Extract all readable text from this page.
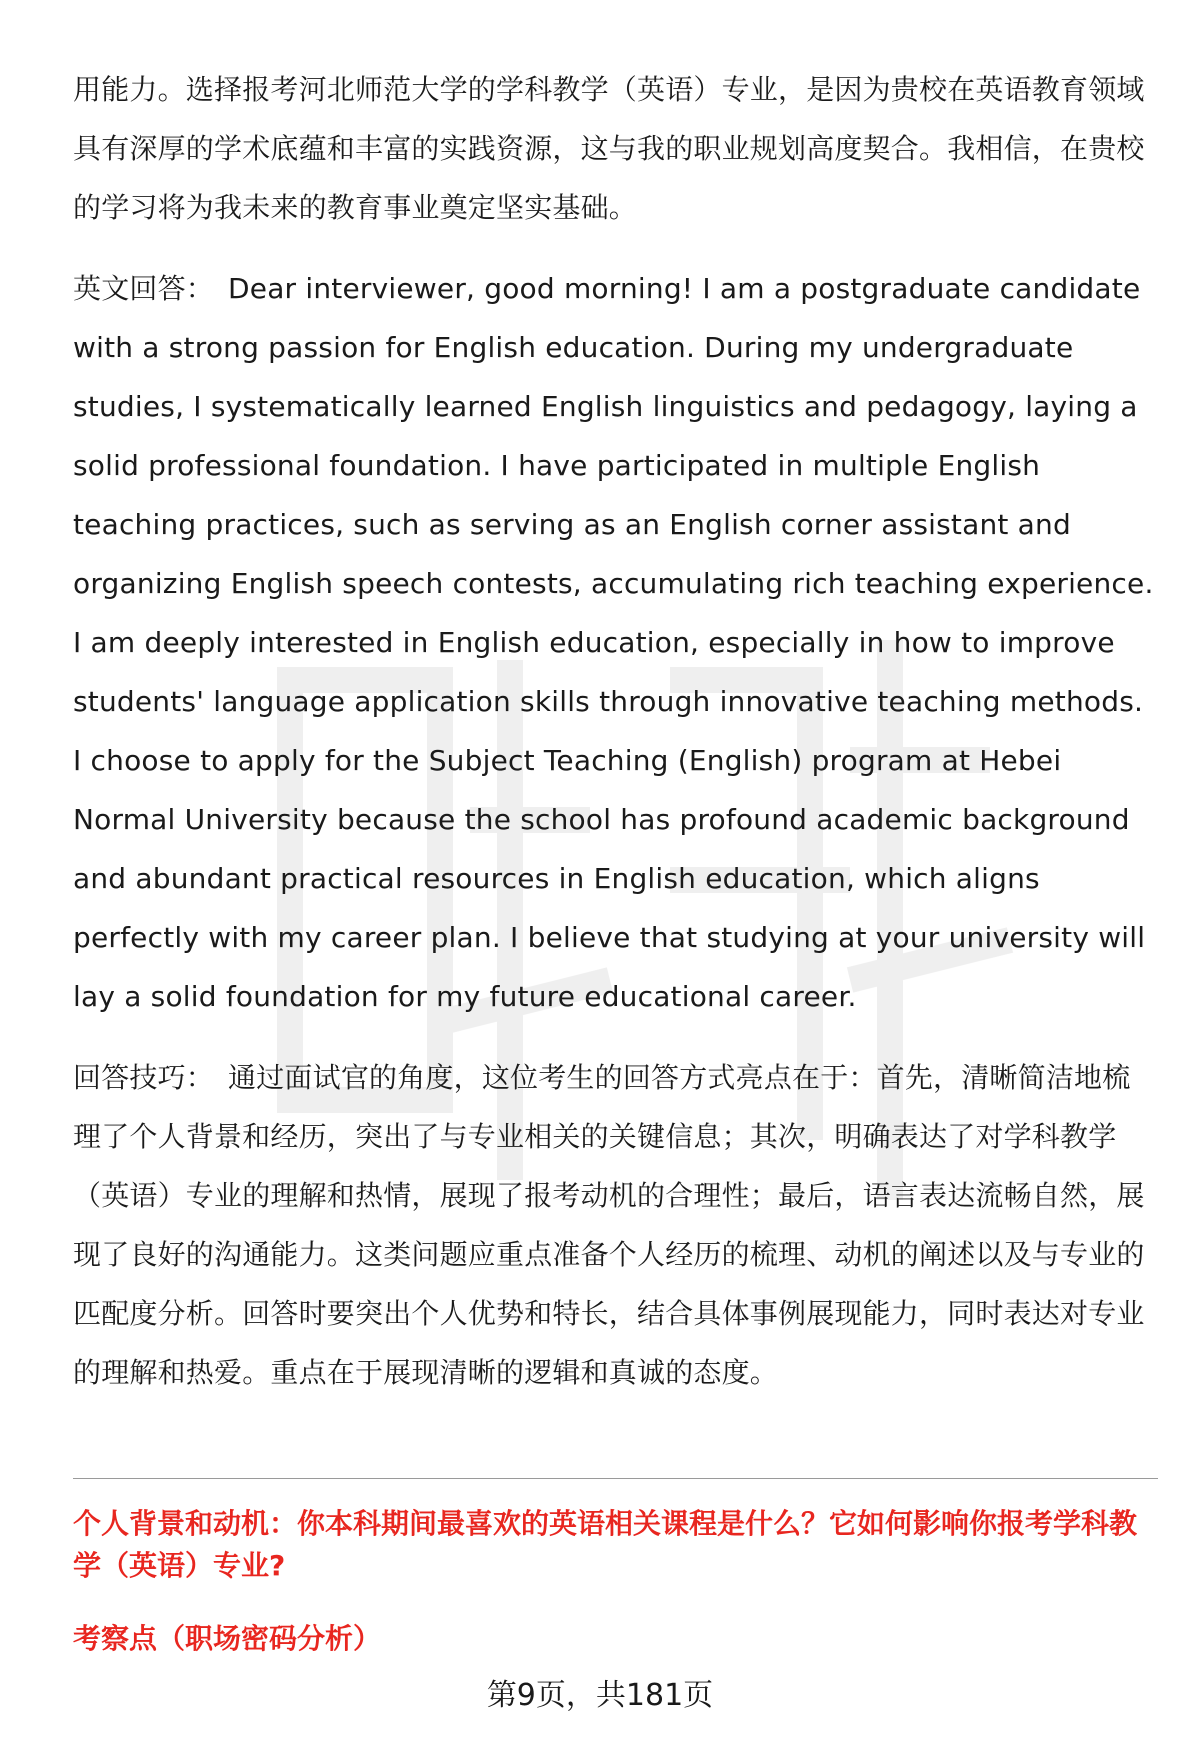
用能力。选择报考河北师范大学的学科教学（英语）专业，是因为贵校在英语教育领域具有深厚的学术底蕴和丰富的实践资源，这与我的职业规划高度契合。我相信，在贵校的学习将为我未来的教育事业奠定坚实基础。

英文回答： Dear interviewer, good morning! I am a postgraduate candidate with a strong passion for English education. During my undergraduate studies, I systematically learned English linguistics and pedagogy, laying a solid professional foundation. I have participated in multiple English teaching practices, such as serving as an English corner assistant and organizing English speech contests, accumulating rich teaching experience. I am deeply interested in English education, especially in how to improve students' language application skills through innovative teaching methods. I choose to apply for the Subject Teaching (English) program at Hebei Normal University because the school has profound academic background and abundant practical resources in English education, which aligns perfectly with my career plan. I believe that studying at your university will lay a solid foundation for my future educational career.

回答技巧： 通过面试官的角度，这位考生的回答方式亮点在于：首先，清晰简洁地梳理了个人背景和经历，突出了与专业相关的关键信息；其次，明确表达了对学科教学（英语）专业的理解和热情，展现了报考动机的合理性；最后，语言表达流畅自然，展现了良好的沟通能力。这类问题应重点准备个人经历的梳理、动机的阐述以及与专业的匹配度分析。回答时要突出个人优势和特长，结合具体事例展现能力，同时表达对专业的理解和热爱。重点在于展现清晰的逻辑和真诚的态度。

个人背景和动机：你本科期间最喜欢的英语相关课程是什么？它如何影响你报考学科教学（英语）专业?

考察点（职场密码分析）

第9页，共181页
